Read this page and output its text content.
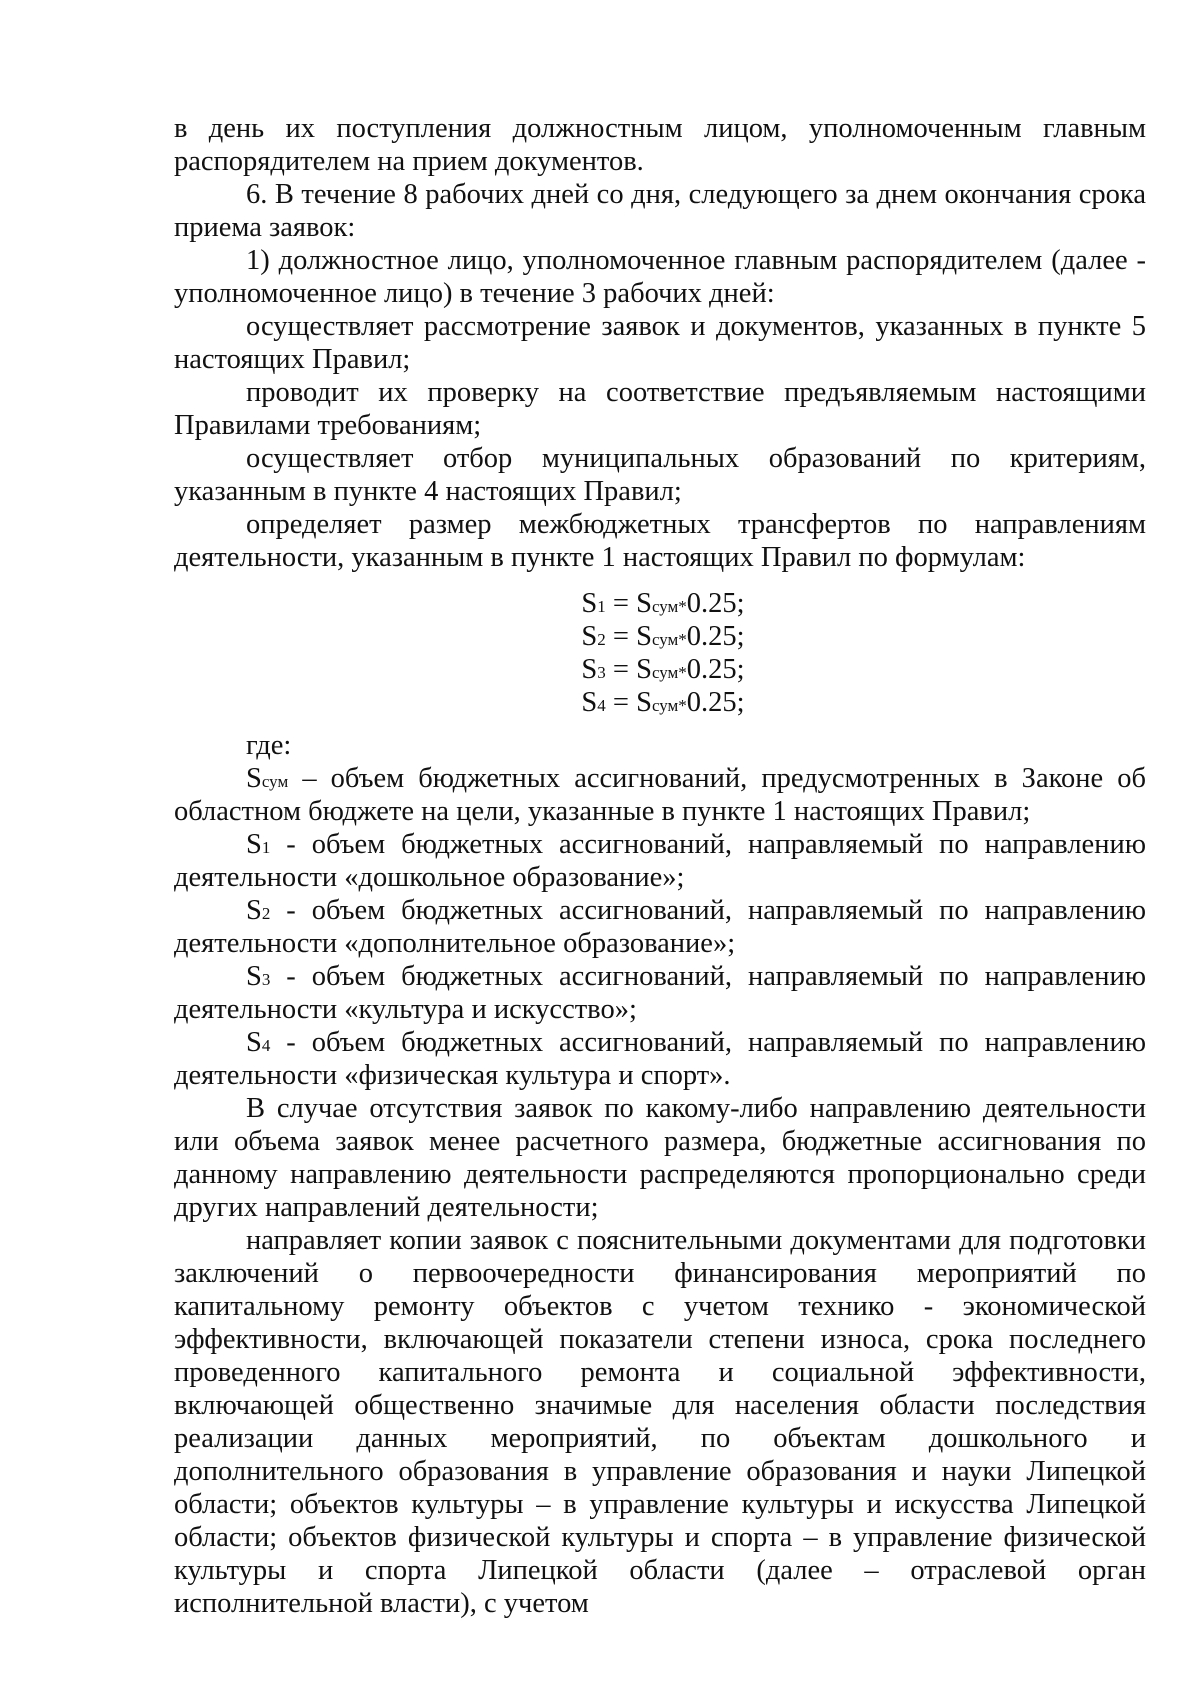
в день их поступления должностным лицом, уполномоченным главным распорядителем на прием документов.

6. В течение 8 рабочих дней со дня, следующего за днем окончания срока приема заявок:

1) должностное лицо, уполномоченное главным распорядителем (далее - уполномоченное лицо) в течение 3 рабочих дней:

осуществляет рассмотрение заявок и документов, указанных в пункте 5 настоящих Правил;

проводит их проверку на соответствие предъявляемым настоящими Правилами требованиям;

осуществляет отбор муниципальных образований по критериям, указанным в пункте 4 настоящих Правил;

определяет размер межбюджетных трансфертов по направлениям деятельности, указанным в пункте 1 настоящих Правил по формулам:

S1 = Sсум*0.25;
S2 = Sсум*0.25;
S3 = Sсум*0.25;
S4 = Sсум*0.25;

где:

Sсум – объем бюджетных ассигнований, предусмотренных в Законе об областном бюджете на цели, указанные в пункте 1 настоящих Правил;

S1 - объем бюджетных ассигнований, направляемый по направлению деятельности «дошкольное образование»;

S2 - объем бюджетных ассигнований, направляемый по направлению деятельности «дополнительное образование»;

S3 - объем бюджетных ассигнований, направляемый по направлению деятельности «культура и искусство»;

S4 - объем бюджетных ассигнований, направляемый по направлению деятельности «физическая культура и спорт».

В случае отсутствия заявок по какому-либо направлению деятельности или объема заявок менее расчетного размера, бюджетные ассигнования по данному направлению деятельности распределяются пропорционально среди других направлений деятельности;

направляет копии заявок с пояснительными документами для подготовки заключений о первоочередности финансирования мероприятий по капитальному ремонту объектов с учетом технико - экономической эффективности, включающей показатели степени износа, срока последнего проведенного капитального ремонта и социальной эффективности, включающей общественно значимые для населения области последствия реализации данных мероприятий, по объектам дошкольного и дополнительного образования в управление образования и науки Липецкой области; объектов культуры – в управление культуры и искусства Липецкой области; объектов физической культуры и спорта – в управление физической культуры и спорта Липецкой области (далее – отраслевой орган исполнительной власти), с учетом
